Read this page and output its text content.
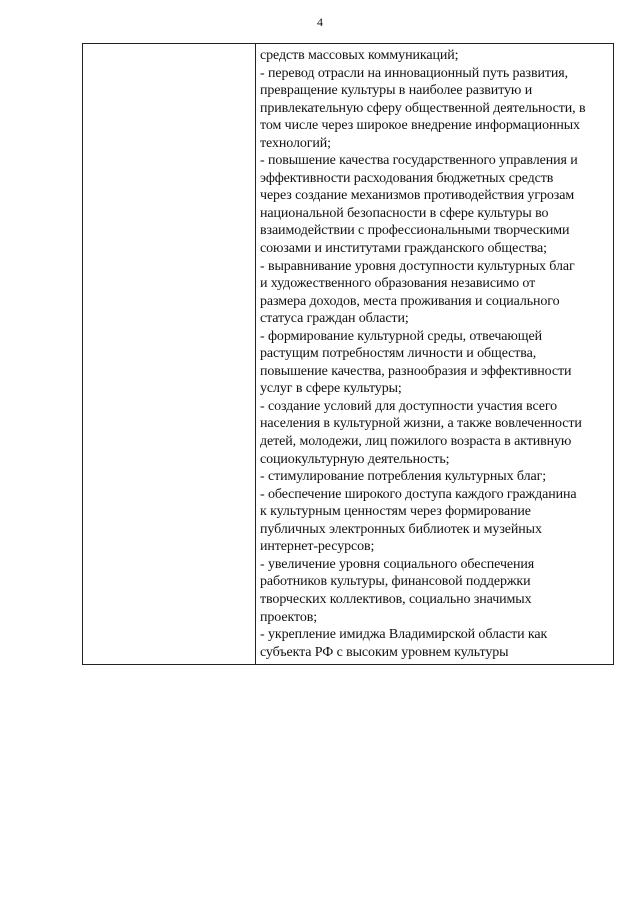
4
средств массовых коммуникаций;
- перевод отрасли на инновационный путь развития,
превращение культуры в наиболее развитую и
привлекательную сферу общественной деятельности, в
том числе через широкое внедрение информационных
технологий;
- повышение качества государственного управления и
эффективности расходования бюджетных средств
через создание механизмов противодействия угрозам
национальной безопасности в сфере культуры во
взаимодействии с профессиональными творческими
союзами и институтами гражданского общества;
- выравнивание уровня доступности культурных благ
и художественного образования независимо от
размера доходов, места проживания и социального
статуса граждан области;
- формирование культурной среды, отвечающей
растущим потребностям личности и общества,
повышение качества, разнообразия и эффективности
услуг в сфере культуры;
- создание условий для доступности участия всего
населения в культурной жизни, а также вовлеченности
детей, молодежи, лиц пожилого возраста в активную
социокультурную деятельность;
- стимулирование потребления культурных благ;
- обеспечение широкого доступа каждого гражданина
к культурным ценностям через формирование
публичных электронных библиотек и музейных
интернет-ресурсов;
- увеличение уровня социального обеспечения
работников культуры, финансовой поддержки
творческих коллективов, социально значимых
проектов;
- укрепление имиджа Владимирской области как
субъекта РФ с высоким уровнем культуры
